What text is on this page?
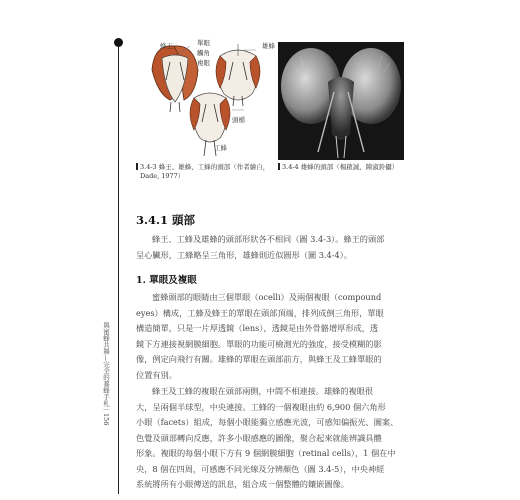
蜂王	雄蜂
單眼
觸角
複眼
頭楯
工蜂
3.4-3 蜂王、雄蜂、工蜂的頭部（作者繪自，
Dade, 1977）
3.4-4 雄蜂的頭部（楊啟誠、陳淑鈴攝）
與蜜蜂共舞—完全的養蜂手札｜156
3.4.1 頭部

蜂王、工蜂及雄蜂的頭部形狀各不相同（圖 3.4-3）。蜂王的頭部

呈心臟形，工蜂略呈三角形，雄蜂則近似圓形（圖 3.4-4）。

1. 單眼及複眼

蜜蜂頭部的眼睛由三個單眼（ocelli）及兩個複眼（compound

eyes）構成，工蜂及蜂王的單眼在頭部頂端，排列成倒三角形，單眼

構造簡單，只是一片厚透鏡（lens），透鏡是由外骨骼增厚形成，透

鏡下方連接視網膜細胞。單眼的功能可檢測光的強度，接受模糊的影

像，例定向飛行有關。雄蜂的單眼在頭部前方，與蜂王及工蜂單眼的

位置有別。

蜂王及工蜂的複眼在頭部兩側，中間不相連接。雄蜂的複眼很

大，呈兩個半球型，中央連接。工蜂的一個複眼由約 6,900 個六角形

小眼（facets）組成，每個小眼能獨立感應光波，可感知偏振光、圖案、

色覺及頭部轉向反應，許多小眼感應的圖像，聚合起來就能辨識具體

形象。複眼的每個小眼下方有 9 個網膜細胞（retinal cells），1 個在中

央，8 個在四周，可感應不同光線及分辨顏色（圖 3.4-5），中央神經

系統將所有小眼傳送的訊息，組合成一個整體的鑲嵌圖像。
